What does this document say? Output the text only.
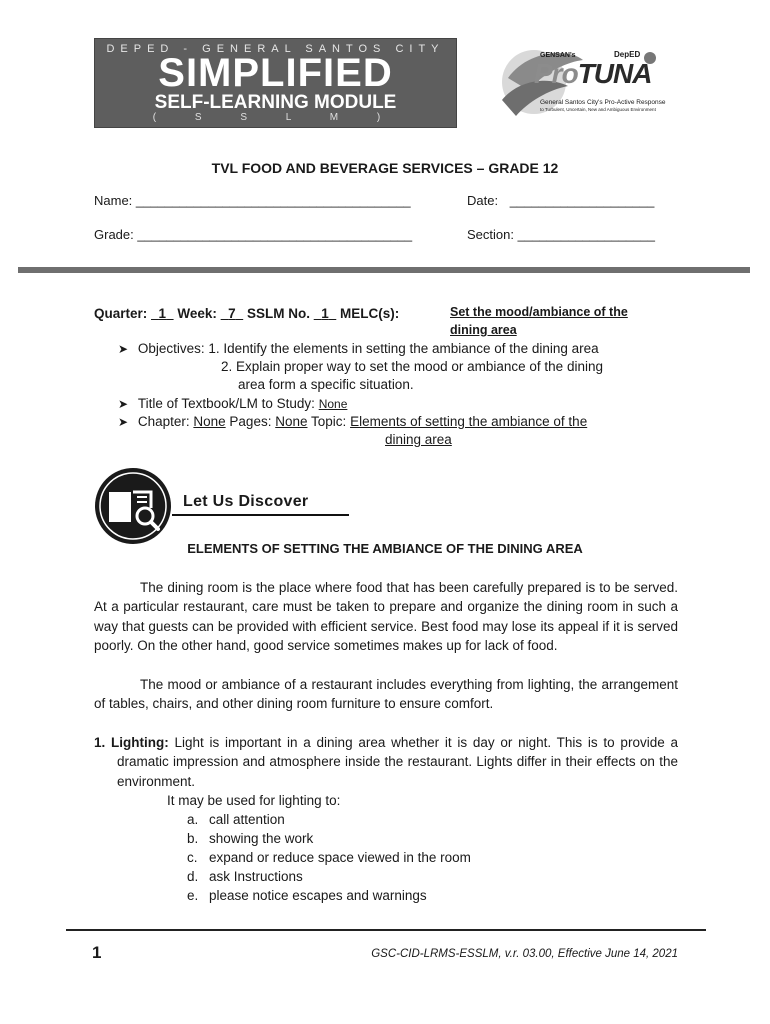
DEPED - GENERAL SANTOS CITY
SIMPLIFIED
SELF-LEARNING MODULE
( S S L M )
GENSAN's	DepED
ProTUNA
General Santos City's Pro-Active Response
to Turbulent, Uncertain, New and Ambiguous Environment
TVL FOOD AND BEVERAGE SERVICES – GRADE 12
Name: ______________________________________	Date: ____________________
Grade: ______________________________________	Section: ___________________
Quarter: 1 Week: 7 SSLM No. 1 MELC(s):	Set the mood/ambiance of the
dining area
➤ Objectives: 1. Identify the elements in setting the ambiance of the dining area
2. Explain proper way to set the mood or ambiance of the dining
area form a specific situation.
➤ Title of Textbook/LM to Study: None
➤ Chapter: None Pages: None Topic: Elements of setting the ambiance of the
dining area
Let Us Discover
ELEMENTS OF SETTING THE AMBIANCE OF THE DINING AREA
The dining room is the place where food that has been carefully prepared is to be served. At a particular restaurant, care must be taken to prepare and organize the dining room in such a way that guests can be provided with efficient service. Best food may lose its appeal if it is served poorly. On the other hand, good service sometimes makes up for lack of food.
The mood or ambiance of a restaurant includes everything from lighting, the arrangement of tables, chairs, and other dining room furniture to ensure comfort.
1. Lighting: Light is important in a dining area whether it is day or night. This is to provide a dramatic impression and atmosphere inside the restaurant. Lights differ in their effects on the environment.
It may be used for lighting to:
a. call attention
b. showing the work
c. expand or reduce space viewed in the room
d. ask Instructions
e. please notice escapes and warnings
1	GSC-CID-LRMS-ESSLM, v.r. 03.00, Effective June 14, 2021
